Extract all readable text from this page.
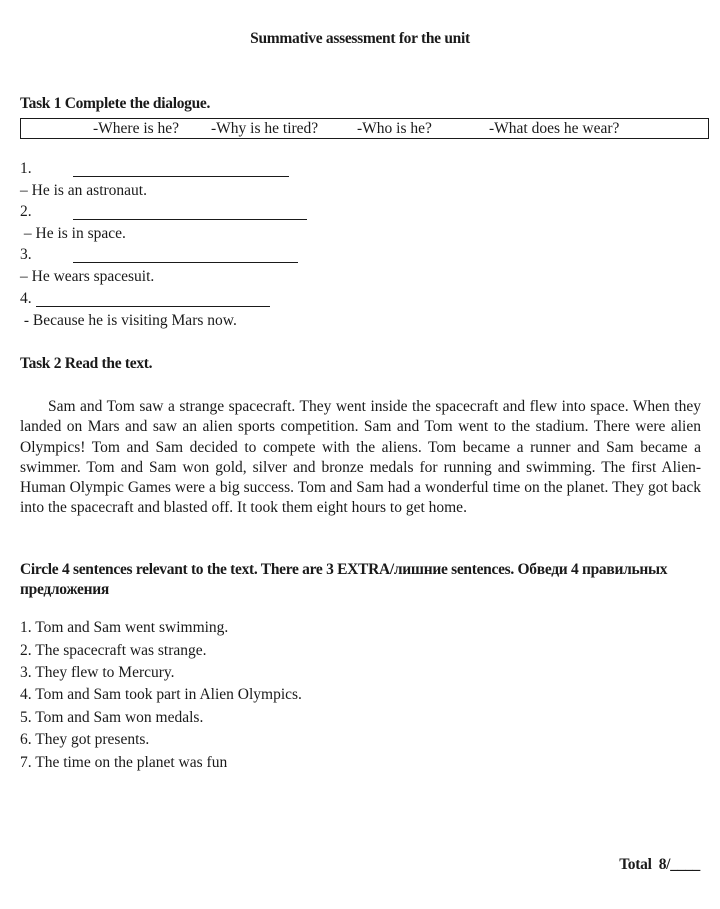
Summative assessment for the unit
Task 1 Complete the dialogue.
-Where is he? -Why is he tired?	-Who is he?	-What does he wear?
1.
– He is an astronaut.
2.
– He is in space.
3.
– He wears spacesuit.
4.
- Because he is visiting Mars now.
Task 2 Read the text.
Sam and Tom saw a strange spacecraft. They went inside the spacecraft and flew into space. When they landed on Mars and saw an alien sports competition. Sam and Tom went to the stadium. There were alien Olympics! Tom and Sam decided to compete with the aliens. Tom became a runner and Sam became a swimmer. Tom and Sam won gold, silver and bronze medals for running and swimming. The first Alien-Human Olympic Games were a big success. Tom and Sam had a wonderful time on the planet. They got back into the spacecraft and blasted off. It took them eight hours to get home.
Circle 4 sentences relevant to the text. There are 3 EXTRA/лишние sentences. Обведи 4 правильных предложения
1. Tom and Sam went swimming.
2. The spacecraft was strange.
3. They flew to Mercury.
4. Tom and Sam took part in Alien Olympics.
5. Tom and Sam won medals.
6. They got presents.
7. The time on the planet was fun
Total  8/____
